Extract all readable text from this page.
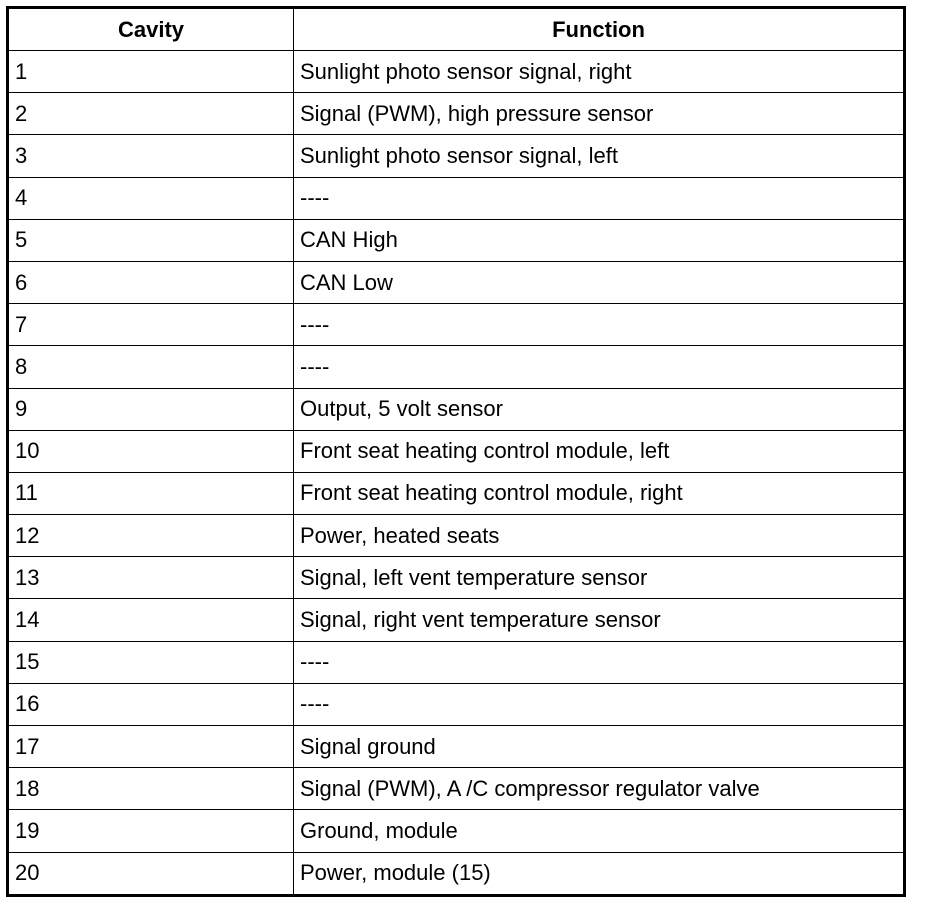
Cavity	Function
1	Sunlight photo sensor signal, right
2	Signal (PWM), high pressure sensor
3	Sunlight photo sensor signal, left
4	----
5	CAN High
6	CAN Low
7	----
8	----
9	Output, 5 volt sensor
10	Front seat heating control module, left
11	Front seat heating control module, right
12	Power, heated seats
13	Signal, left vent temperature sensor
14	Signal, right vent temperature sensor
15	----
16	----
17	Signal ground
18	Signal (PWM), A /C compressor regulator valve
19	Ground, module
20	Power, module (15)
